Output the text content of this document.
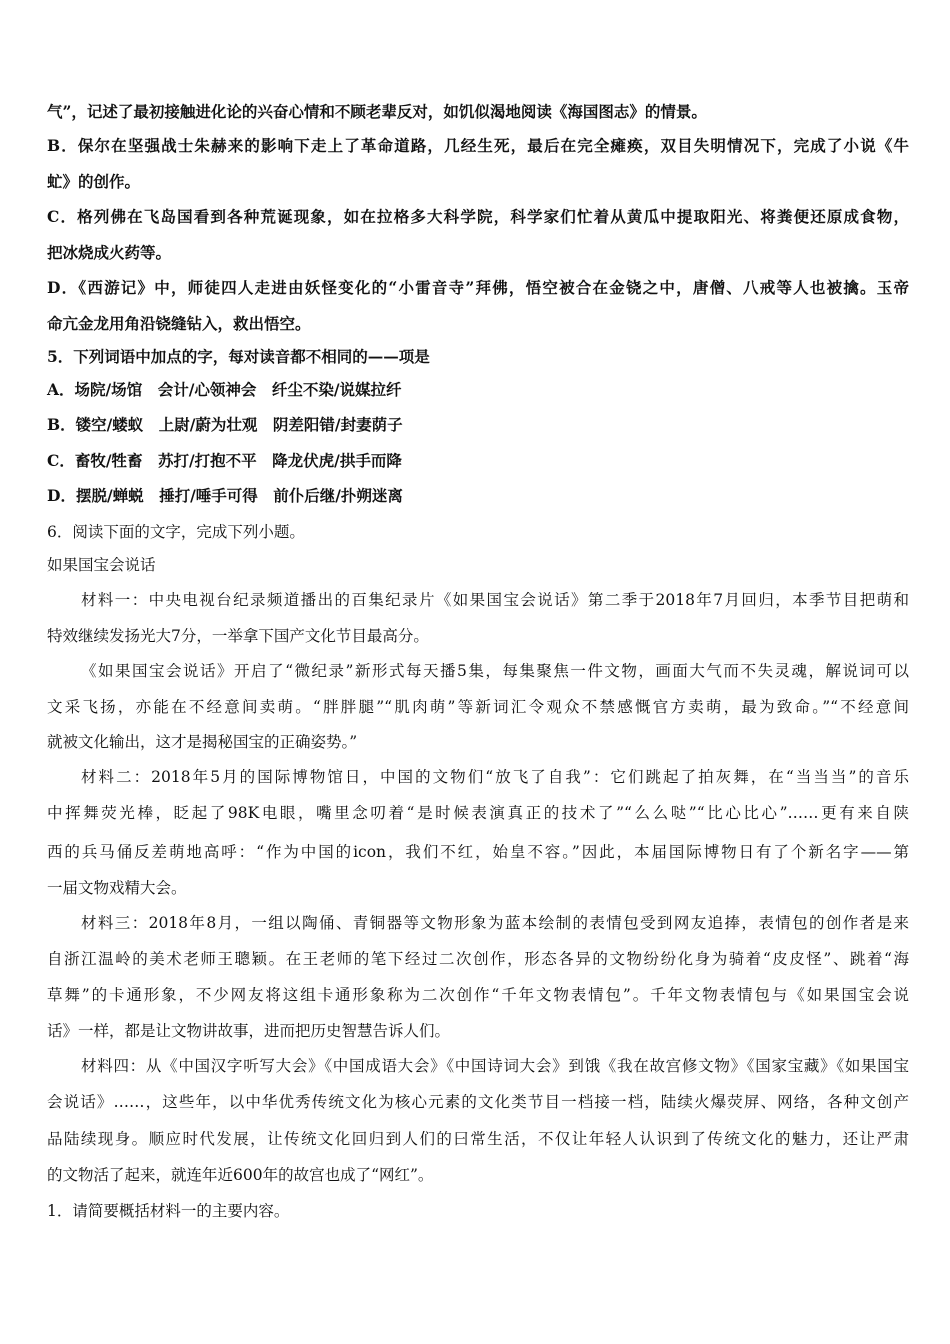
气”，记述了最初接触进化论的兴奋心情和不顾老辈反对，如饥似渴地阅读《海国图志》的情景。
B．保尔在坚强战士朱赫来的影响下走上了革命道路，几经生死，最后在完全瘫痪，双目失明情况下，完成了小说《牛
虻》的创作。
C．格列佛在飞岛国看到各种荒诞现象，如在拉格多大科学院，科学家们忙着从黄瓜中提取阳光、将粪便还原成食物，
把冰烧成火药等。
D．《西游记》中，师徒四人走进由妖怪变化的“小雷音寺”拜佛，悟空被合在金铙之中，唐僧、八戒等人也被擒。玉帝
命亢金龙用角沿铙缝钻入，救出悟空。
5．下列词语中加点的字，每对读音都不相同的——项是
A．场院/场馆　会计/心领神会　纤尘不染/说媒拉纤
B．镂空/蝼蚁　上尉/蔚为壮观　阴差阳错/封妻荫子
C．畜牧/牲畜　苏打/打抱不平　降龙伏虎/拱手而降
D．摆脱/蝉蜕　捶打/唾手可得　前仆后继/扑朔迷离
6．阅读下面的文字，完成下列小题。
如果国宝会说话
材料一：中央电视台纪录频道播出的百集纪录片《如果国宝会说话》第二季于2018年7月回归，本季节目把萌和
特效继续发扬光大7分，一举拿下国产文化节目最高分。
《如果国宝会说话》开启了“微纪录”新形式每天播5集，每集聚焦一件文物，画面大气而不失灵魂，解说词可以
文采飞扬，亦能在不经意间卖萌。“胖胖腿”“肌肉萌”等新词汇令观众不禁感慨官方卖萌，最为致命。”“不经意间
就被文化输出，这才是揭秘国宝的正确姿势。”
材料二：2018年5月的国际博物馆日，中国的文物们“放飞了自我”：它们跳起了拍灰舞，在“当当当”的音乐
中挥舞荧光棒，眨起了98K电眼，嘴里念叨着“是时候表演真正的技术了”“么么哒”“比心比心”……更有来自陕
西的兵马俑反差萌地高呼：“作为中国的icon，我们不红，始皇不容。”因此，本届国际博物日有了个新名字——第
一届文物戏精大会。
材料三：2018年8月，一组以陶俑、青铜器等文物形象为蓝本绘制的表情包受到网友追捧，表情包的创作者是来
自浙江温岭的美术老师王聰颖。在王老师的笔下经过二次创作，形态各异的文物纷纷化身为骑着“皮皮怪”、跳着“海
草舞”的卡通形象，不少网友将这组卡通形象称为二次创作“千年文物表情包”。千年文物表情包与《如果国宝会说
话》一样，都是让文物讲故事，进而把历史智慧告诉人们。
材料四：从《中国汉字听写大会》《中国成语大会》《中国诗词大会》到饿《我在故宫修文物》《国家宝藏》《如果国宝
会说话》……，这些年，以中华优秀传统文化为核心元素的文化类节目一档接一档，陆续火爆荧屏、网络，各种文创产
品陆续现身。顺应时代发展，让传统文化回归到人们的曰常生活，不仅让年轻人认识到了传统文化的魅力，还让严肃
的文物活了起来，就连年近600年的故宫也成了“网红”。
1．请简要概括材料一的主要内容。
